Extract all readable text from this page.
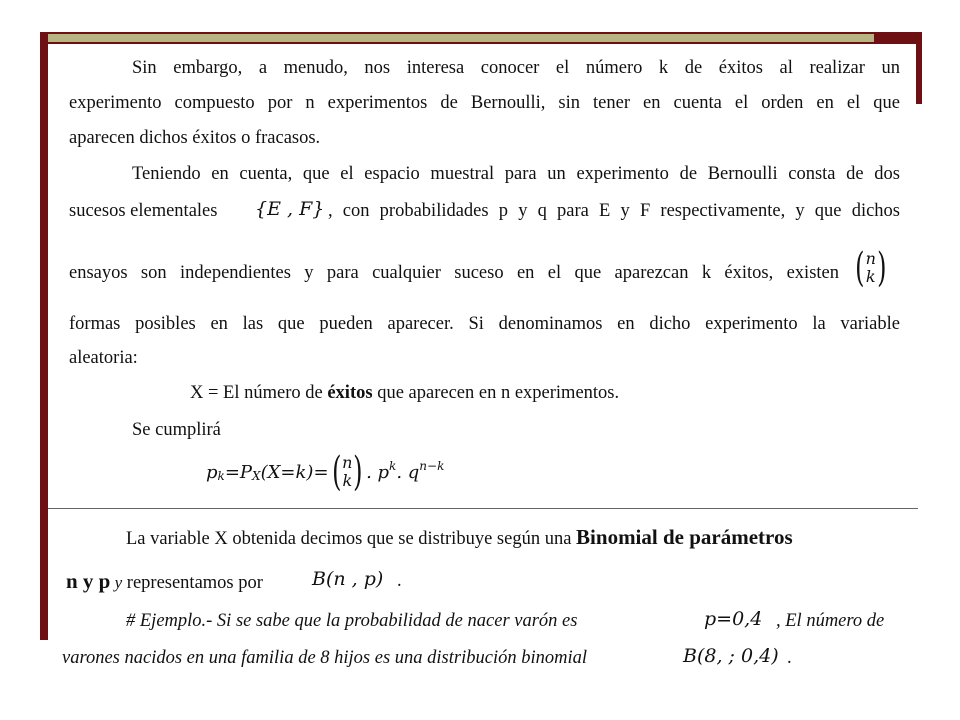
Sin embargo, a menudo, nos interesa conocer el número k de éxitos al realizar un
experimento compuesto por n experimentos de Bernoulli, sin tener en cuenta el orden en el que
aparecen dichos éxitos o fracasos.
Teniendo en cuenta, que el espacio muestral para un experimento de Bernoulli consta de dos
sucesos elementales {E , F} , con probabilidades p y q para E y F respectivamente, y que dichos
ensayos son independientes y para cualquier suceso en el que aparezcan k éxitos, existen ( n
k )
formas posibles en las que pueden aparecer. Si denominamos en dicho experimento la variable
aleatoria:
X = El número de éxitos que aparecen en n experimentos.
Se cumplirá
$p_k = P_X$ (X=k) = ( n
k ) . $p^k$ . $q^{n-k}$
La variable X obtenida decimos que se distribuye según una Binomial de parámetros
n y p y representamos por	B(n , p) .
# Ejemplo.- Si se sabe que la probabilidad de nacer varón es	p=0,4 , El número de
varones nacidos en una familia de 8 hijos es una distribución binomial	B(8, ; 0,4) .
